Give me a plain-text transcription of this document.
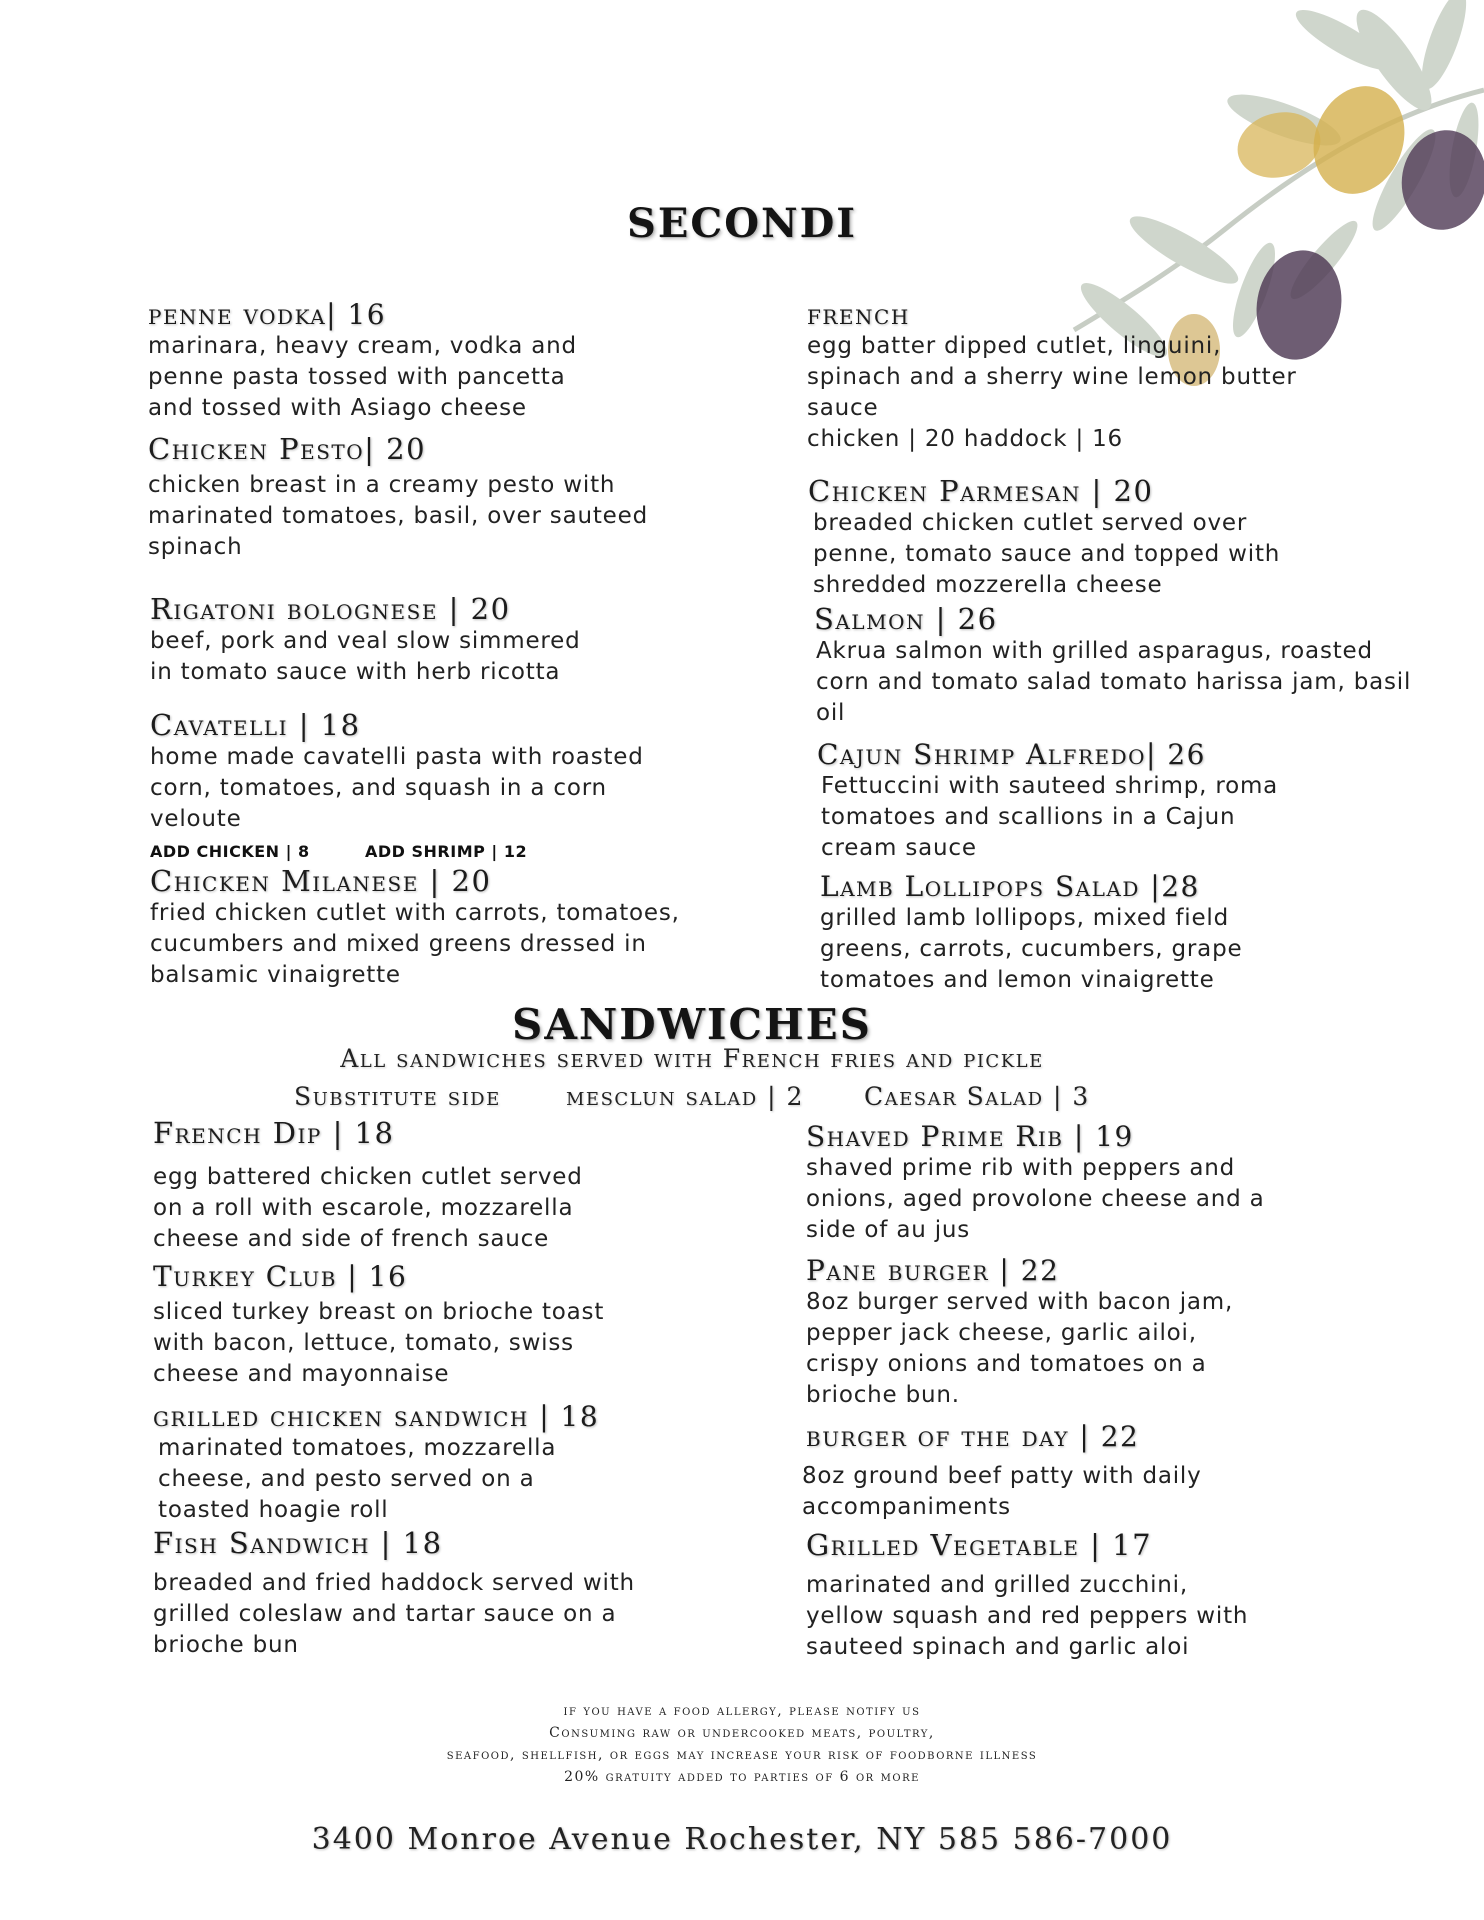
SECONDI
penne vodka| 16
marinara, heavy cream, vodka and
penne pasta tossed with pancetta
and tossed with Asiago cheese
Chicken Pesto| 20
chicken breast in a creamy pesto with
marinated tomatoes, basil, over sauteed
spinach
Rigatoni bolognese | 20
beef, pork and veal slow simmered
in tomato sauce with herb ricotta
Cavatelli | 18
home made cavatelli pasta with roasted
corn, tomatoes, and squash in a corn
veloute
ADD CHICKEN | 8	ADD SHRIMP | 12
Chicken Milanese | 20
fried chicken cutlet with carrots, tomatoes,
cucumbers and mixed greens dressed in
balsamic vinaigrette
french
egg batter dipped cutlet, linguini,
spinach and a sherry wine lemon butter
sauce
chicken | 20 haddock | 16
Chicken Parmesan | 20
breaded chicken cutlet served over
penne, tomato sauce and topped with
shredded mozzerella cheese
Salmon | 26
Akrua salmon with grilled asparagus, roasted
corn and tomato salad tomato harissa jam, basil
oil
Cajun Shrimp Alfredo| 26
Fettuccini with sauteed shrimp, roma
tomatoes and scallions in a Cajun
cream sauce
Lamb Lollipops Salad |28
grilled lamb lollipops, mixed field
greens, carrots, cucumbers, grape
tomatoes and lemon vinaigrette
SANDWICHES
All sandwiches served with French fries and pickle
Substitute side	mesclun salad | 2 Caesar Salad | 3
French Dip | 18
egg battered chicken cutlet served
on a roll with escarole, mozzarella
cheese and side of french sauce
Turkey Club | 16
sliced turkey breast on brioche toast
with bacon, lettuce, tomato, swiss
cheese and mayonnaise
grilled chicken sandwich | 18
marinated tomatoes, mozzarella
cheese, and pesto served on a
toasted hoagie roll
Fish Sandwich | 18
breaded and fried haddock served with
grilled coleslaw and tartar sauce on a
brioche bun
Shaved Prime Rib | 19
shaved prime rib with peppers and
onions, aged provolone cheese and a
side of au jus
Pane burger | 22
8oz burger served with bacon jam,
pepper jack cheese, garlic ailoi,
crispy onions and tomatoes on a
brioche bun.
burger of the day | 22
8oz ground beef patty with daily
accompaniments
Grilled Vegetable | 17
marinated and grilled zucchini,
yellow squash and red peppers with
sauteed spinach and garlic aloi
if you have a food allergy, please notify us
Consuming raw or undercooked meats, poultry,
seafood, shellfish, or eggs may increase your risk of foodborne illness
20% gratuity added to parties of 6 or more
3400 Monroe Avenue Rochester, NY 585 586-7000
